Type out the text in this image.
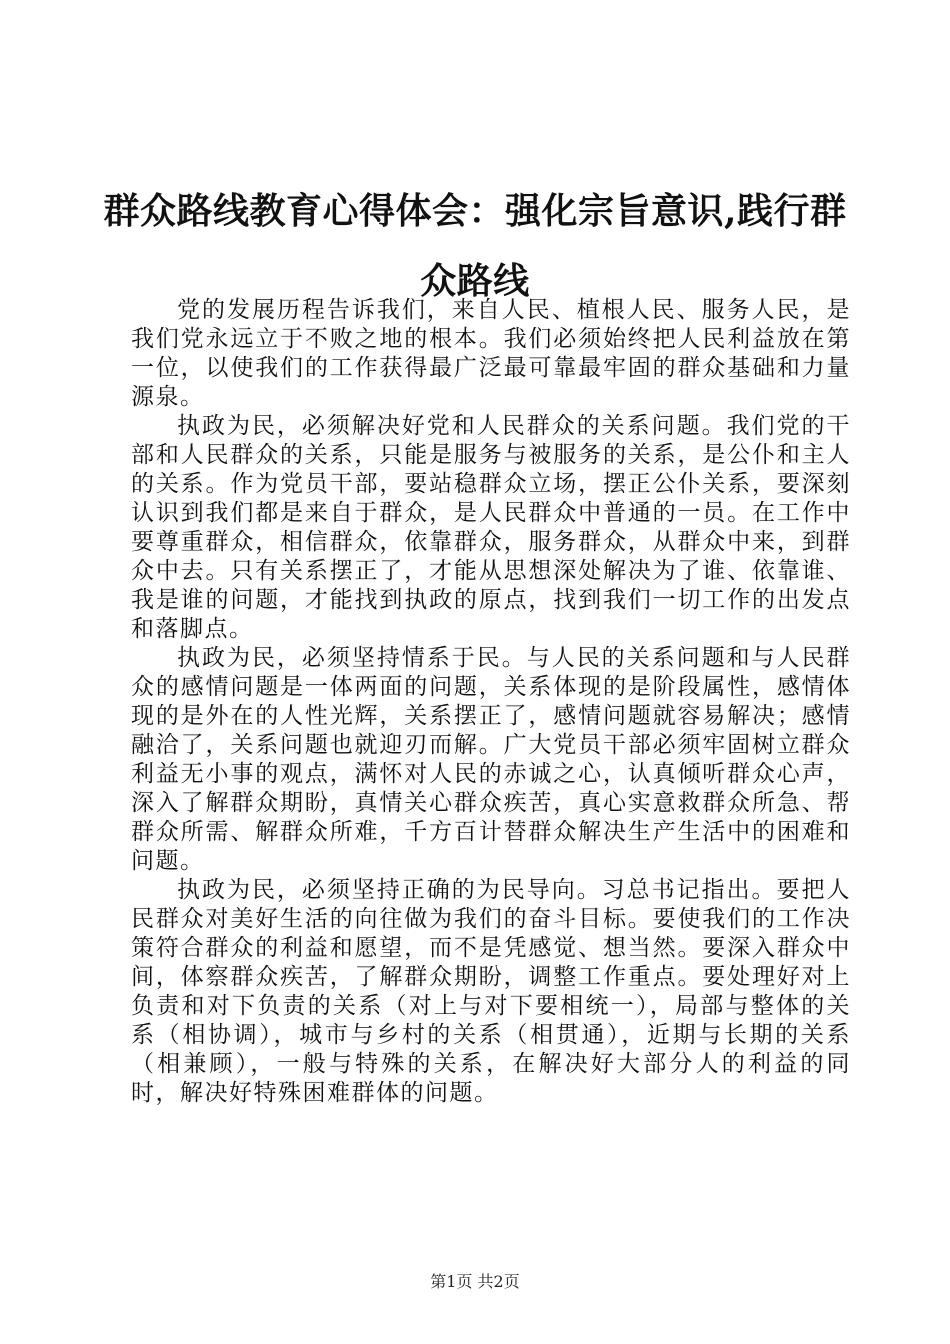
群众路线教育心得体会：强化宗旨意识,践行群众路线

党的发展历程告诉我们，来自人民、植根人民、服务人民，是我们党永远立于不败之地的根本。我们必须始终把人民利益放在第一位，以使我们的工作获得最广泛最可靠最牢固的群众基础和力量源泉。

执政为民，必须解决好党和人民群众的关系问题。我们党的干部和人民群众的关系，只能是服务与被服务的关系，是公仆和主人的关系。作为党员干部，要站稳群众立场，摆正公仆关系，要深刻认识到我们都是来自于群众，是人民群众中普通的一员。在工作中要尊重群众，相信群众，依靠群众，服务群众，从群众中来，到群众中去。只有关系摆正了，才能从思想深处解决为了谁、依靠谁、我是谁的问题，才能找到执政的原点，找到我们一切工作的出发点和落脚点。

执政为民，必须坚持情系于民。与人民的关系问题和与人民群众的感情问题是一体两面的问题，关系体现的是阶段属性，感情体现的是外在的人性光辉，关系摆正了，感情问题就容易解决；感情融洽了，关系问题也就迎刃而解。广大党员干部必须牢固树立群众利益无小事的观点，满怀对人民的赤诚之心，认真倾听群众心声，深入了解群众期盼，真情关心群众疾苦，真心实意救群众所急、帮群众所需、解群众所难，千方百计替群众解决生产生活中的困难和问题。

执政为民，必须坚持正确的为民导向。习总书记指出。要把人民群众对美好生活的向往做为我们的奋斗目标。要使我们的工作决策符合群众的利益和愿望，而不是凭感觉、想当然。要深入群众中间，体察群众疾苦，了解群众期盼，调整工作重点。要处理好对上负责和对下负责的关系（对上与对下要相统一），局部与整体的关系（相协调），城市与乡村的关系（相贯通），近期与长期的关系（相兼顾），一般与特殊的关系，在解决好大部分人的利益的同时，解决好特殊困难群体的问题。

第1页 共2页
